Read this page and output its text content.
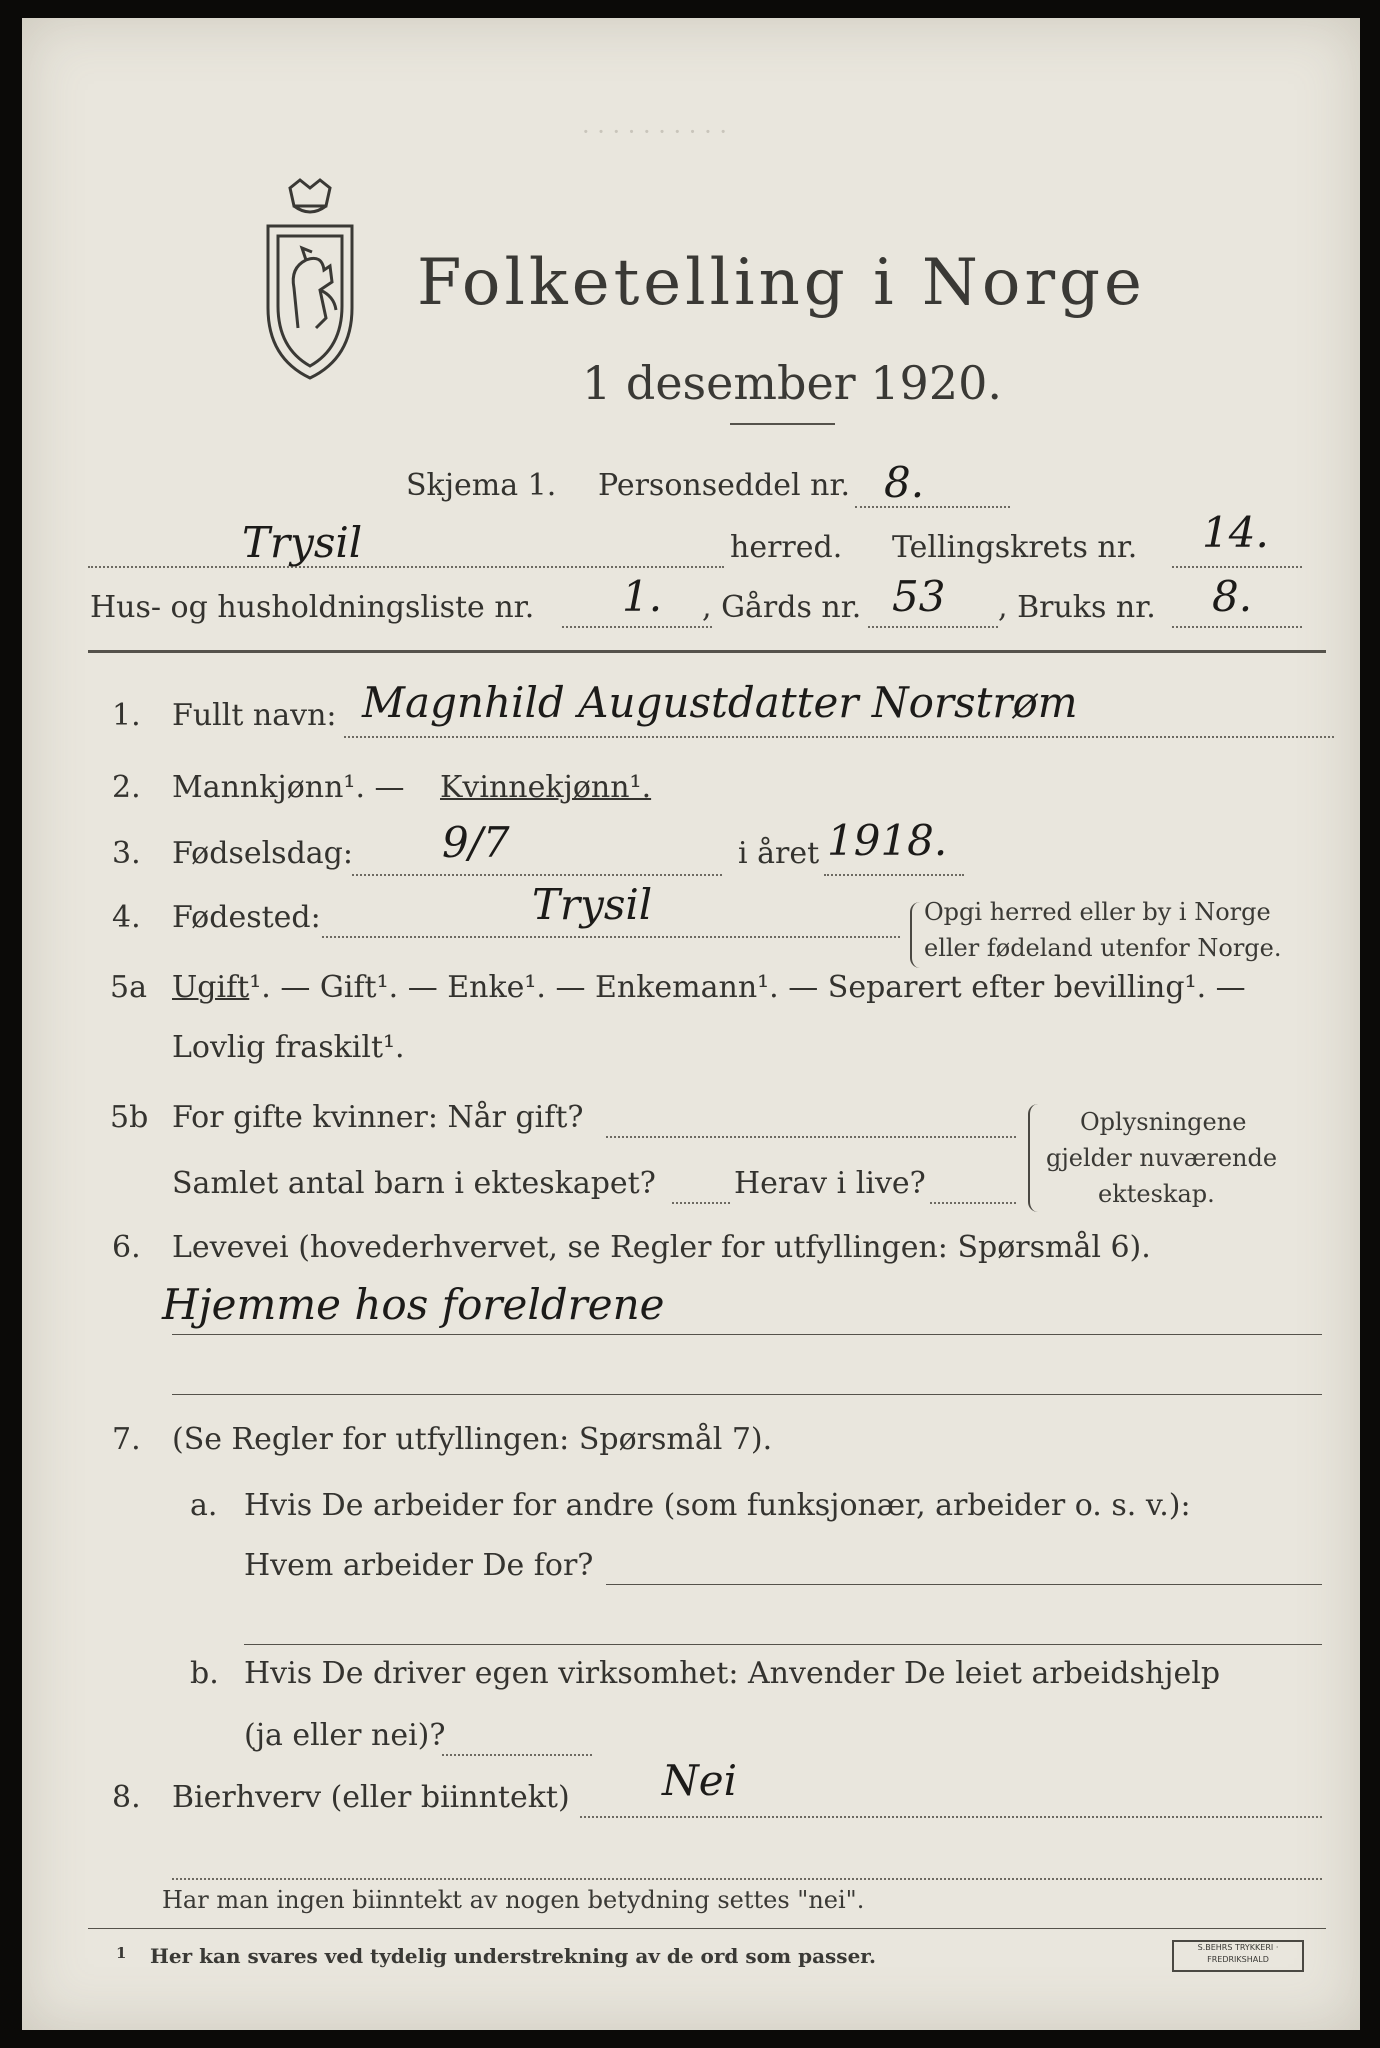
· · · · · · · · · ·
Folketelling i Norge
1 desember 1920.
Skjema 1. Personseddel nr. 8.
Trysil	herred. Tellingskrets nr. 14.
Hus- og husholdningsliste nr. 1. , Gårds nr. 53 , Bruks nr. 8.
1. Fullt navn: Magnhild Augustdatter Norstrøm
2. Mannkjønn¹. — Kvinnekjønn¹.
3. Fødselsdag: 9/7	i året 1918.
4. Fødested:	Trysil	Opgi herred eller by i Norge
eller fødeland utenfor Norge.
5a Ugift¹. — Gift¹. — Enke¹. — Enkemann¹. — Separert efter bevilling¹. —
Lovlig fraskilt¹.
5b For gifte kvinner: Når gift?
Samlet antal barn i ekteskapet?	Herav i live?
Oplysningene
gjelder nuværende
ekteskap.
6. Levevei (hovederhvervet, se Regler for utfyllingen: Spørsmål 6).
Hjemme hos foreldrene
7. (Se Regler for utfyllingen: Spørsmål 7).
a. Hvis De arbeider for andre (som funksjonær, arbeider o. s. v.):
Hvem arbeider De for?
b. Hvis De driver egen virksomhet: Anvender De leiet arbeidshjelp
(ja eller nei)?
8. Bierhverv (eller biinntekt) Nei
Har man ingen biinntekt av nogen betydning settes "nei".
1 Her kan svares ved tydelig understrekning av de ord som passer.	S.BEHRS TRYKKERI · FREDRIKSHALD
